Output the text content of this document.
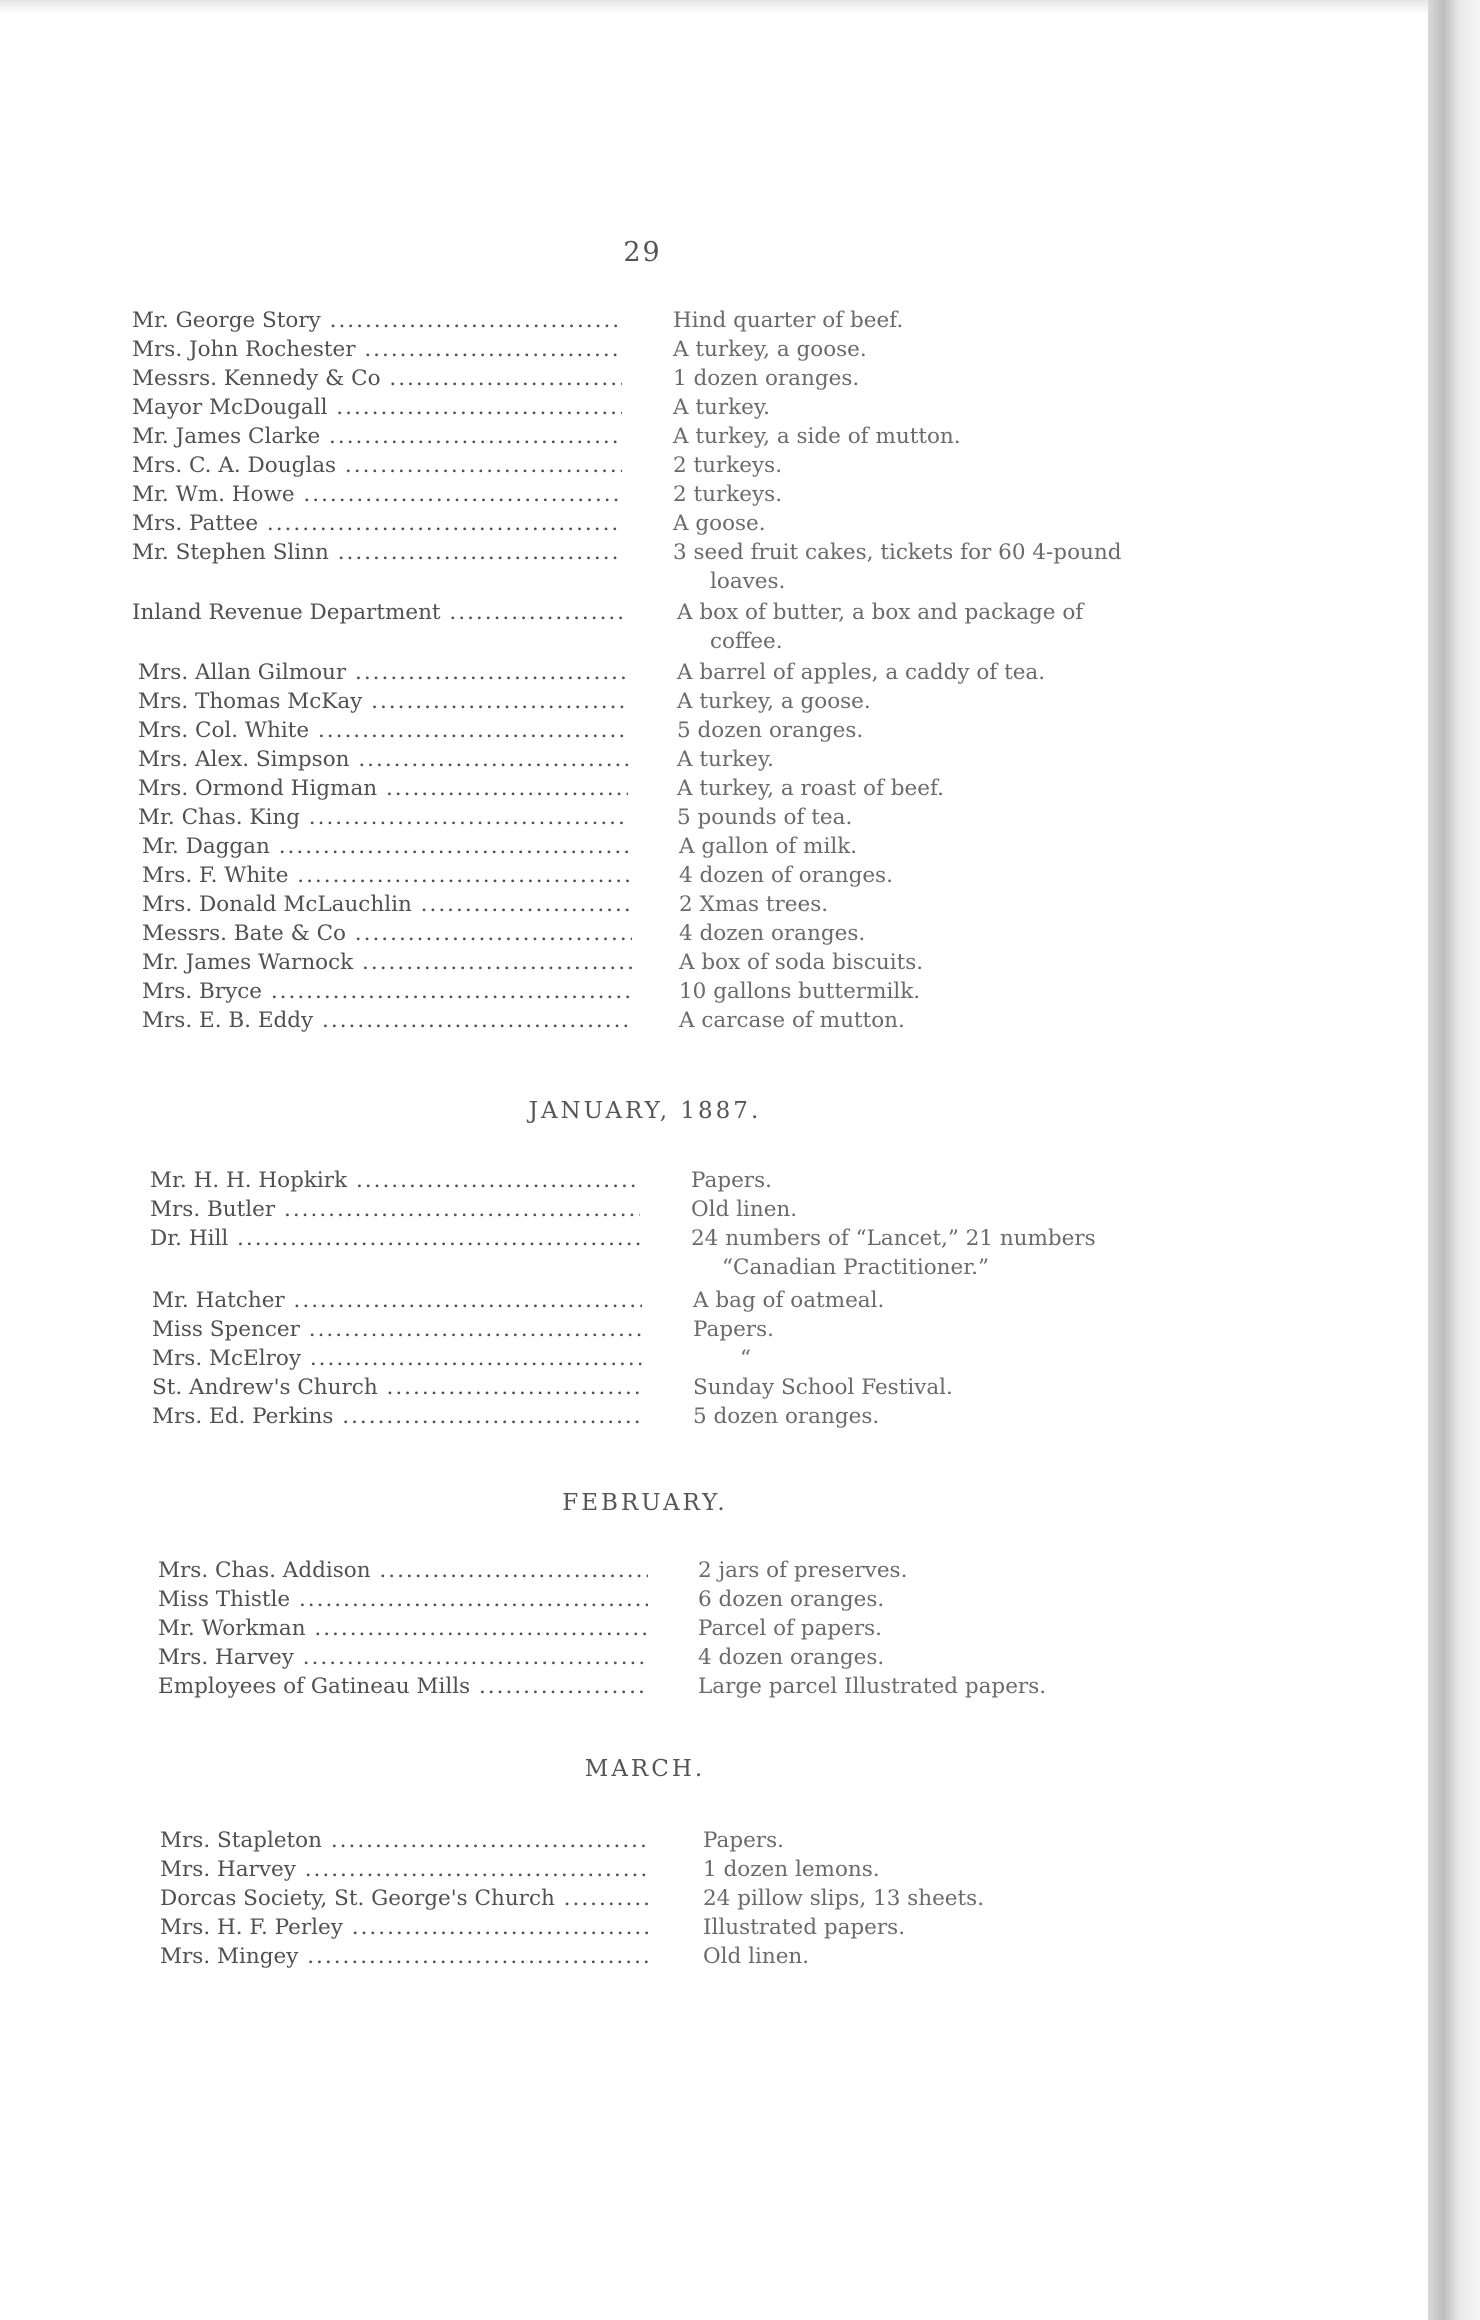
29
Mr. George Story .....	Hind quarter of beef.
Mrs. John Rochester .....	A turkey, a goose.
Messrs. Kennedy & Co .....	1 dozen oranges.
Mayor McDougall .....	A turkey.
Mr. James Clarke .....	A turkey, a side of mutton.
Mrs. C. A. Douglas .....	2 turkeys.
Mr. Wm. Howe .....	2 turkeys.
Mrs. Pattee .....	A goose.
Mr. Stephen Slinn .....	3 seed fruit cakes, tickets for 60 4-pound
loaves.
Inland Revenue Department .....	A box of butter, a box and package of
coffee.
Mrs. Allan Gilmour .....	A barrel of apples, a caddy of tea.
Mrs. Thomas McKay .....	A turkey, a goose.
Mrs. Col. White .....	5 dozen oranges.
Mrs. Alex. Simpson .....	A turkey.
Mrs. Ormond Higman .....	A turkey, a roast of beef.
Mr. Chas. King .....	5 pounds of tea.
Mr. Daggan .....	A gallon of milk.
Mrs. F. White .....	4 dozen of oranges.
Mrs. Donald McLauchlin .....	2 Xmas trees.
Messrs. Bate & Co .....	4 dozen oranges.
Mr. James Warnock .....	A box of soda biscuits.
Mrs. Bryce .....	10 gallons buttermilk.
Mrs. E. B. Eddy .....	A carcase of mutton.
JANUARY, 1887.
Mr. H. H. Hopkirk .....	Papers.
Mrs. Butler .....	Old linen.
Dr. Hill .....	24 numbers of “Lancet,” 21 numbers
“Canadian Practitioner.”
Mr. Hatcher .....	A bag of oatmeal.
Miss Spencer .....	Papers.
Mrs. McElroy .....	“
St. Andrew's Church .....	Sunday School Festival.
Mrs. Ed. Perkins .....	5 dozen oranges.
FEBRUARY.
Mrs. Chas. Addison .....	2 jars of preserves.
Miss Thistle .....	6 dozen oranges.
Mr. Workman .....	Parcel of papers.
Mrs. Harvey .....	4 dozen oranges.
Employees of Gatineau Mills .....	Large parcel Illustrated papers.
MARCH.
Mrs. Stapleton .....	Papers.
Mrs. Harvey .....	1 dozen lemons.
Dorcas Society, St. George's Church .....	24 pillow slips, 13 sheets.
Mrs. H. F. Perley .....	Illustrated papers.
Mrs. Mingey .....	Old linen.
